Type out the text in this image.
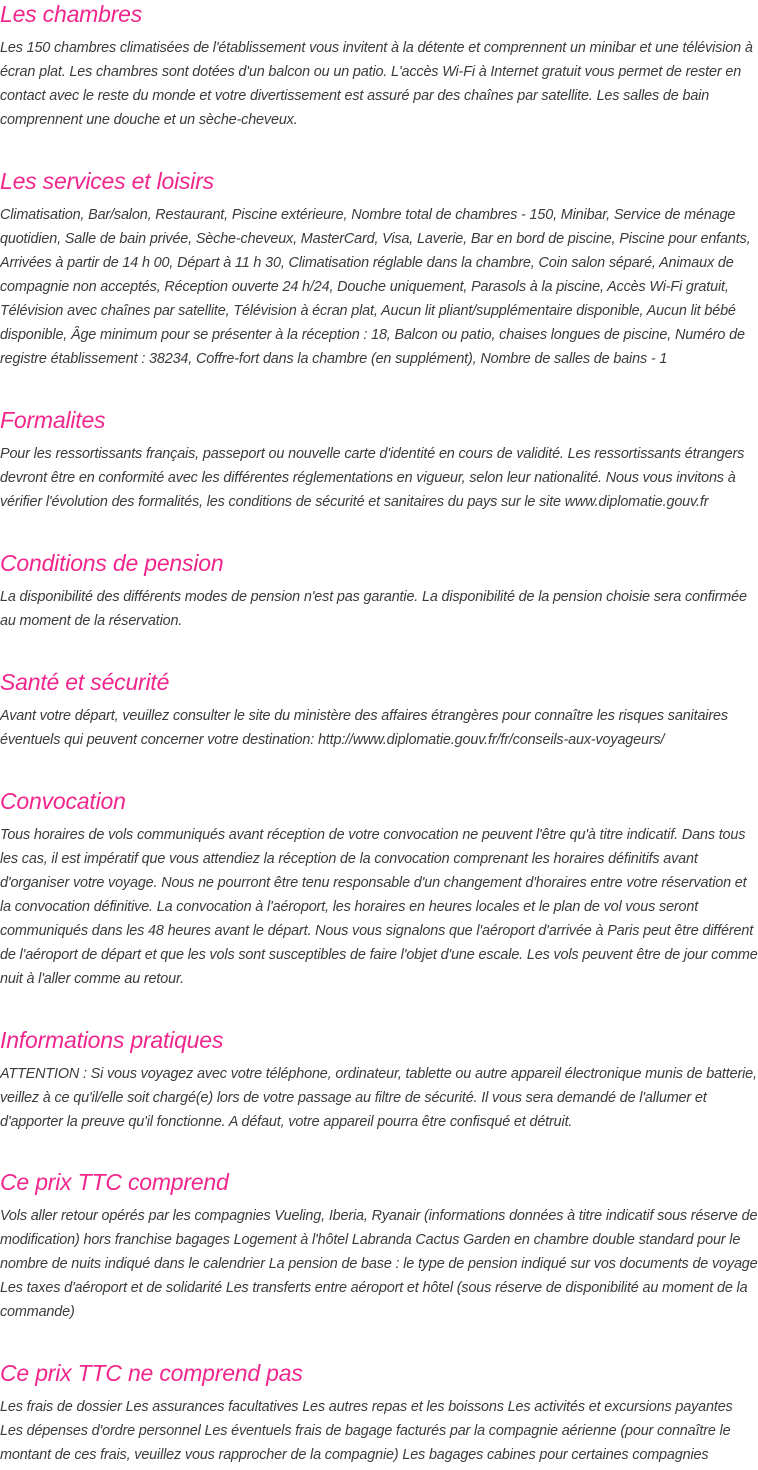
Les chambres

Les 150 chambres climatisées de l'établissement vous invitent à la détente et comprennent un minibar et une télévision à écran plat. Les chambres sont dotées d'un balcon ou un patio. L'accès Wi-Fi à Internet gratuit vous permet de rester en contact avec le reste du monde et votre divertissement est assuré par des chaînes par satellite. Les salles de bain comprennent une douche et un sèche-cheveux.

Les services et loisirs

Climatisation, Bar/salon, Restaurant, Piscine extérieure, Nombre total de chambres - 150, Minibar, Service de ménage quotidien, Salle de bain privée, Sèche-cheveux, MasterCard, Visa, Laverie, Bar en bord de piscine, Piscine pour enfants, Arrivées à partir de 14 h 00, Départ à 11 h 30, Climatisation réglable dans la chambre, Coin salon séparé, Animaux de compagnie non acceptés, Réception ouverte 24 h/24, Douche uniquement, Parasols à la piscine, Accès Wi-Fi gratuit, Télévision avec chaînes par satellite, Télévision à écran plat, Aucun lit pliant/supplémentaire disponible, Aucun lit bébé disponible, Âge minimum pour se présenter à la réception : 18, Balcon ou patio, chaises longues de piscine, Numéro de registre établissement : 38234, Coffre-fort dans la chambre (en supplément), Nombre de salles de bains - 1

Formalites

Pour les ressortissants français, passeport ou nouvelle carte d'identité en cours de validité. Les ressortissants étrangers devront être en conformité avec les différentes réglementations en vigueur, selon leur nationalité. Nous vous invitons à vérifier l'évolution des formalités, les conditions de sécurité et sanitaires du pays sur le site www.diplomatie.gouv.fr

Conditions de pension

La disponibilité des différents modes de pension n'est pas garantie. La disponibilité de la pension choisie sera confirmée au moment de la réservation.

Santé et sécurité

Avant votre départ, veuillez consulter le site du ministère des affaires étrangères pour connaître les risques sanitaires éventuels qui peuvent concerner votre destination: http://www.diplomatie.gouv.fr/fr/conseils-aux-voyageurs/

Convocation

Tous horaires de vols communiqués avant réception de votre convocation ne peuvent l'être qu'à titre indicatif. Dans tous les cas, il est impératif que vous attendiez la réception de la convocation comprenant les horaires définitifs avant d'organiser votre voyage. Nous ne pourront être tenu responsable d'un changement d'horaires entre votre réservation et la convocation définitive. La convocation à l'aéroport, les horaires en heures locales et le plan de vol vous seront communiqués dans les 48 heures avant le départ. Nous vous signalons que l'aéroport d'arrivée à Paris peut être différent de l'aéroport de départ et que les vols sont susceptibles de faire l'objet d'une escale. Les vols peuvent être de jour comme nuit à l'aller comme au retour.

Informations pratiques

ATTENTION : Si vous voyagez avec votre téléphone, ordinateur, tablette ou autre appareil électronique munis de batterie, veillez à ce qu'il/elle soit chargé(e) lors de votre passage au filtre de sécurité. Il vous sera demandé de l'allumer et d'apporter la preuve qu'il fonctionne. A défaut, votre appareil pourra être confisqué et détruit.

Ce prix TTC comprend

Vols aller retour opérés par les compagnies Vueling, Iberia, Ryanair (informations données à titre indicatif sous réserve de modification) hors franchise bagages Logement à l'hôtel Labranda Cactus Garden en chambre double standard pour le nombre de nuits indiqué dans le calendrier La pension de base : le type de pension indiqué sur vos documents de voyage Les taxes d'aéroport et de solidarité Les transferts entre aéroport et hôtel (sous réserve de disponibilité au moment de la commande)

Ce prix TTC ne comprend pas

Les frais de dossier Les assurances facultatives Les autres repas et les boissons Les activités et excursions payantes Les dépenses d'ordre personnel Les éventuels frais de bagage facturés par la compagnie aérienne (pour connaître le montant de ces frais, veuillez vous rapprocher de la compagnie) Les bagages cabines pour certaines compagnies
